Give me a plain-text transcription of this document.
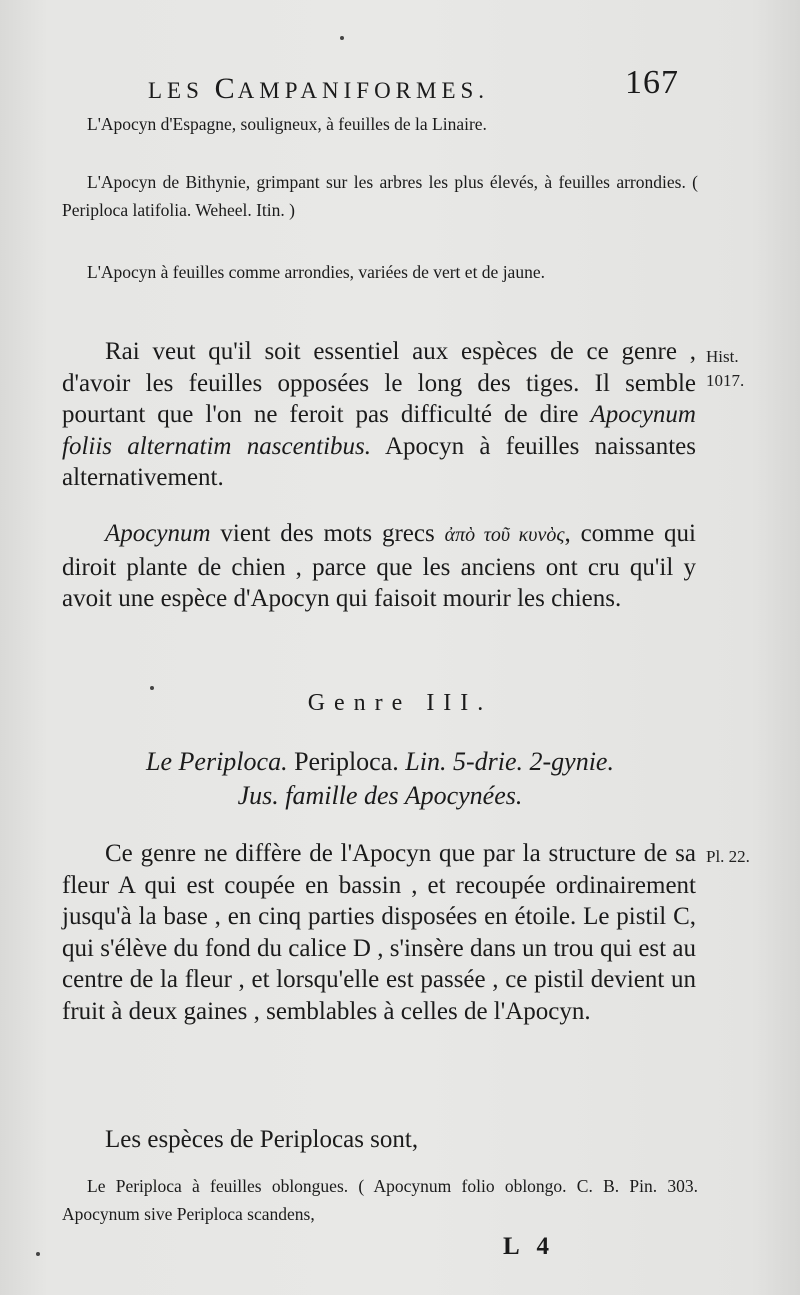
LES CAMPANIFORMES.	167

L'Apocyn d'Espagne, souligneux, à feuilles de la Linaire.

L'Apocyn de Bithynie, grimpant sur les arbres les plus élevés, à feuilles arrondies. ( Periploca latifolia. Weheel. Itin. )

L'Apocyn à feuilles comme arrondies, variées de vert et de jaune.

Rai veut qu'il soit essentiel aux espèces de ce genre , d'avoir les feuilles opposées le long des tiges. Il semble pourtant que l'on ne feroit pas difficulté de dire Apocynum foliis alternatim nascentibus. Apocyn à feuilles naissantes alternativement.

Hist.
1017.

Apocynum vient des mots grecs ἀπὸ τοῦ κυνὸς, comme qui diroit plante de chien , parce que les anciens ont cru qu'il y avoit une espèce d'Apocyn qui faisoit mourir les chiens.

Genre III.
Le Periploca. Periploca. Lin. 5-drie. 2-gynie.
Jus. famille des Apocynées.

Ce genre ne diffère de l'Apocyn que par la structure de sa fleur A qui est coupée en bassin , et recoupée ordinairement jusqu'à la base , en cinq parties disposées en étoile. Le pistil C, qui s'élève du fond du calice D , s'insère dans un trou qui est au centre de la fleur , et lorsqu'elle est passée , ce pistil devient un fruit à deux gaines , semblables à celles de l'Apocyn.

Pl. 22.

Les espèces de Periplocas sont,

Le Periploca à feuilles oblongues. ( Apocynum folio oblongo. C. B. Pin. 303. Apocynum sive Periploca scandens,

L 4
